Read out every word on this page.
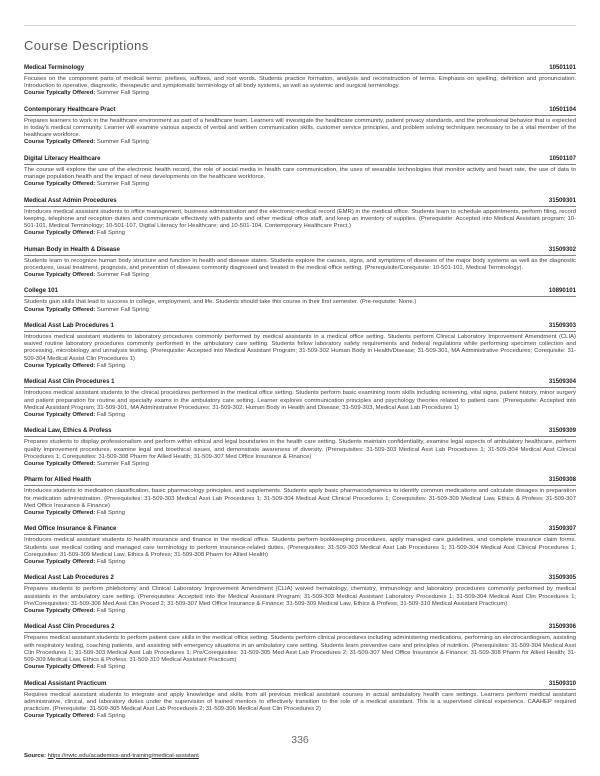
Course Descriptions
Medical Terminology	10501101
Focuses on the component parts of medical terms: prefixes, suffixes, and root words. Students practice formation, analysis and reconstruction of terms. Emphasis on spelling, definition and pronunciation. Introduction to operative, diagnostic, therapeutic and symptomatic terminology of all body systems, as well as systemic and surgical terminology.
Course Typically Offered: Summer Fall Spring
Contemporary Healthcare Pract	10501104
Prepares learners to work in the healthcare environment as part of a healthcare team. Learners will investigate the healthcare community, patient privacy standards, and the professional behavior that is expected in today's medical community. Learner will examine various aspects of verbal and written communication skills, customer service principles, and problem solving techniques necessary to be a vital member of the healthcare workforce.
Course Typically Offered: Summer Fall Spring
Digital Literacy Healthcare	10501107
The course will explore the use of the electronic health record, the role of social media in health care communication, the uses of wearable technologies that monitor activity and heart rate, the use of data to manage population health and the impact of new developments on the healthcare workforce.
Course Typically Offered: Summer Fall Spring
Medical Asst Admin Procedures	31509301
Introduces medical assistant students to office management, business administration and the electronic medical record (EMR) in the medical office. Students learn to schedule appointments, perform filing, record keeping, telephone and reception duties and communicate effectively with patients and other medical office staff, and keep an inventory of supplies. (Prerequisite: Accepted into Medical Assistant program; 10-501-101, Medical Terminology; 10-501-107, Digital Literacy for Healthcare; and 10-501-104, Contemporary Healthcare Pract.)
Course Typically Offered: Fall Spring
Human Body in Health & Disease	31509302
Students learn to recognize human body structure and function in health and disease states. Students explore the causes, signs, and symptoms of diseases of the major body systems as well as the diagnostic procedures, usual treatment, prognosis, and prevention of diseases commonly diagnosed and treated in the medical office setting. (Prerequisite/Corequisite: 10-501-101, Medical Terminology).
Course Typically Offered: Summer Fall Spring
College 101	10890101
Students gain skills that lead to success in college, employment, and life. Students should take this course in their first semester. (Pre-requisite: None.)
Course Typically Offered: Summer Fall Spring
Medical Asst Lab Procedures 1	31509303
Introduces medical assistant students to laboratory procedures commonly performed by medical assistants in a medical office setting. Students perform Clinical Laboratory Improvement Amendment (CLIA) waived routine laboratory procedures commonly performed in the ambulatory care setting. Students follow laboratory safety requirements and federal regulations while performing specimen collection and processing, microbiology and urinalysis testing. (Prerequisite: Accepted into Medical Assistant Program; 31-509-302 Human Body in Health/Disease; 31-509-301, MA Administrative Procedures; Corequisite: 31-509-304 Medical Assist Clin Procedures 1)
Course Typically Offered: Fall Spring
Medical Asst Clin Procedures 1	31509304
Introduces medical assistant students to the clinical procedures performed in the medical office setting. Students perform basic examining room skills including screening, vital signs, patient history, minor surgery and patient preparation for routine and specialty exams in the ambulatory care setting. Learner explores communication principles and psychology theories related to patient care. (Prerequisite: Accepted into Medical Assistant Program; 31-509-301, MA Administrative Procedures; 31-509-302, Human Body in Health and Disease; 31-509-303, Medical Asst Lab Procedures 1)
Course Typically Offered: Fall Spring
Medical Law, Ethics & Profess	31509309
Prepares students to display professionalism and perform within ethical and legal boundaries in the health care setting. Students maintain confidentiality, examine legal aspects of ambulatory healthcare, perform quality improvement procedures, examine legal and bioethical issues, and demonstrate awareness of diversity. (Prerequisites: 31-509-303 Medical Asst Lab Procedures 1; 31-509-304 Medical Asst Clinical Procedures 1; Corequisites: 31-509-308 Pharm for Allied Health; 31-509-307 Med Office Insurance & Finance)
Course Typically Offered: Summer Fall Spring
Pharm for Allied Health	31509308
Introduces students to medication classification, basic pharmacology principles, and supplements. Students apply basic pharmacodynamics to identify common medications and calculate dosages in preparation for medication administration. (Prerequisites: 31-509-303 Medical Asst Lab Procedures 1; 31-509-304 Medical Asst Clinical Procedures 1; Corequisites: 31-509-309 Medical Law, Ethics & Profess; 31-509-307 Med Office Insurance & Finance)
Course Typically Offered: Fall Spring
Med Office Insurance & Finance	31509307
Introduces medical assistant students to health insurance and finance in the medical office. Students perform bookkeeping procedures, apply managed care guidelines, and complete insurance claim forms. Students use medical coding and managed care terminology to perform insurance-related duties. (Prerequisites: 31-509-303 Medical Asst Lab Procedures 1; 31-509-304 Medical Asst Clinical Procedures 1; Corequisites: 31-509-309 Medical Law, Ethics & Profess; 31-509-308 Pharm for Allied Health)
Course Typically Offered: Fall Spring
Medical Asst Lab Procedures 2	31509305
Prepares students to perform phlebotomy and Clinical Laboratory Improvement Amendment (CLIA) waived hematology, chemistry, immunology and laboratory procedures commonly performed by medical assistants in the ambulatory care setting. (Prerequisites: Accepted into the Medical Assistant Program; 31-509-303 Medical Assistant Laboratory Procedures 1; 31-509-304 Medical Asst Clin Procedures 1; Pre/Corequisites: 31-509-306 Med Asst Clin Proced 2; 31-509-307 Med Office Insurance & Finance; 31-509-309 Medical Law, Ethics & Profess; 31-509-310 Medical Assistant Practicum)
Course Typically Offered: Fall Spring
Medical Asst Clin Procedures 2	31509306
Prepares medical assistant students to perform patient care skills in the medical office setting. Students perform clinical procedures including administering medications, performing an electrocardiogram, assisting with respiratory testing, coaching patients, and assisting with emergency situations in an ambulatory care setting. Students learn preventive care and principles of nutrition. (Prerequisites: 31-509-304 Medical Asst Clin Procedures 1; 31-509-303 Medical Asst Lab Procedures 1; Pre/Corequisites: 31-509-305 Med Asst Lab Procedures 2; 31-509-307 Med Office Insurance & Finance; 31-509-308 Pharm for Allied Health; 31-509-309 Medical Law, Ethics & Profess; 31-509-310 Medical Assistant Practicum)
Course Typically Offered: Fall Spring
Medical Assistant Practicum	31509310
Requires medical assistant students to integrate and apply knowledge and skills from all previous medical assistant courses in actual ambulatory health care settings. Learners perform medical assistant administrative, clinical, and laboratory duties under the supervision of trained mentors to effectively transition to the role of a medical assistant. This is a supervised clinical experience. CAAHEP required practicum. (Prerequisite: 31-509-305 Medical Asst Lab Procedures 2; 31-509-306 Medical Asst Clin Procedures 2)
Course Typically Offered: Fall Spring
Source: https://nwtc.edu/academics-and-training/medical-assistant
336
